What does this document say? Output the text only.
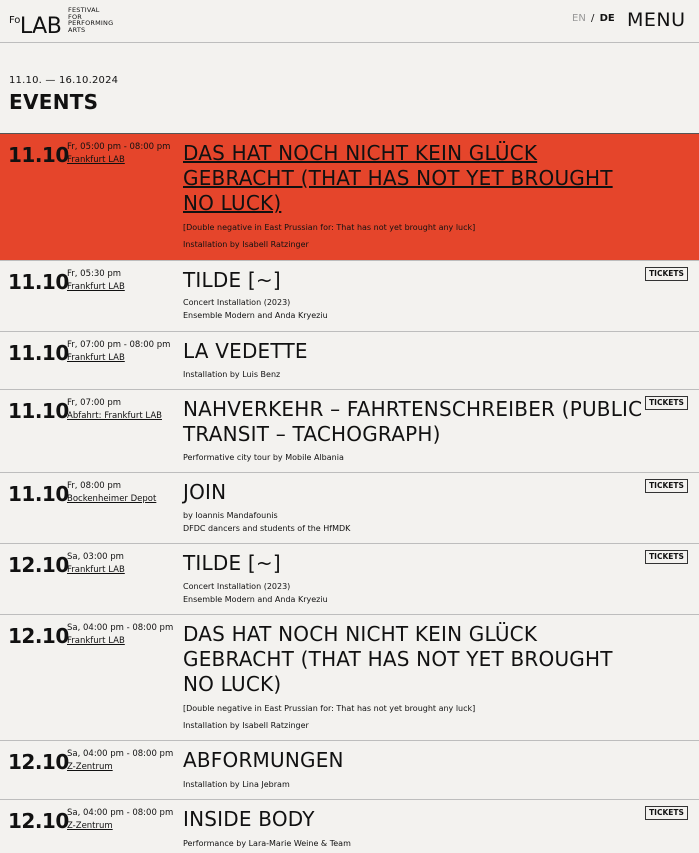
$^{Fo}$LAB
FESTIVAL
FOR
PERFORMING
ARTS
EN / DE MENU
11.10. — 16.10.2024
EVENTS
11.10
Fr, 05:00 pm - 08:00 pm
Frankfurt LAB	DAS HAT NOCH NICHT KEIN GLÜCK GEBRACHT (THAT HAS NOT YET BROUGHT NO LUCK)
[Double negative in East Prussian for: That has not yet brought any luck]
Installation by Isabell Ratzinger
11.10
Fr, 05:30 pm
Frankfurt LAB	TILDE [~]
Concert Installation (2023)
Ensemble Modern and Anda Kryeziu
TICKETS
11.10
Fr, 07:00 pm - 08:00 pm
Frankfurt LAB	LA VEDETTE
Installation by Luis Benz
11.10
Fr, 07:00 pm
Abfahrt: Frankfurt LAB NAHVERKEHR – FAHRTENSCHREIBER (PUBLIC TRANSIT – TACHOGRAPH)
Performative city tour by Mobile Albania
TICKETS
11.10
Fr, 08:00 pm
Bockenheimer Depot JOIN
by Ioannis Mandafounis
DFDC dancers and students of the HfMDK
TICKETS
12.10
Sa, 03:00 pm
Frankfurt LAB	TILDE [~]
Concert Installation (2023)
Ensemble Modern and Anda Kryeziu
TICKETS
12.10
Sa, 04:00 pm - 08:00 pm
Frankfurt LAB	DAS HAT NOCH NICHT KEIN GLÜCK GEBRACHT (THAT HAS NOT YET BROUGHT NO LUCK)
[Double negative in East Prussian for: That has not yet brought any luck]
Installation by Isabell Ratzinger
12.10
Sa, 04:00 pm - 08:00 pm
Z-Zentrum	ABFORMUNGEN
Installation by Lina Jebram
12.10
Sa, 04:00 pm - 08:00 pm
Z-Zentrum	INSIDE BODY
Performance by Lara-Marie Weine & Team
TICKETS
